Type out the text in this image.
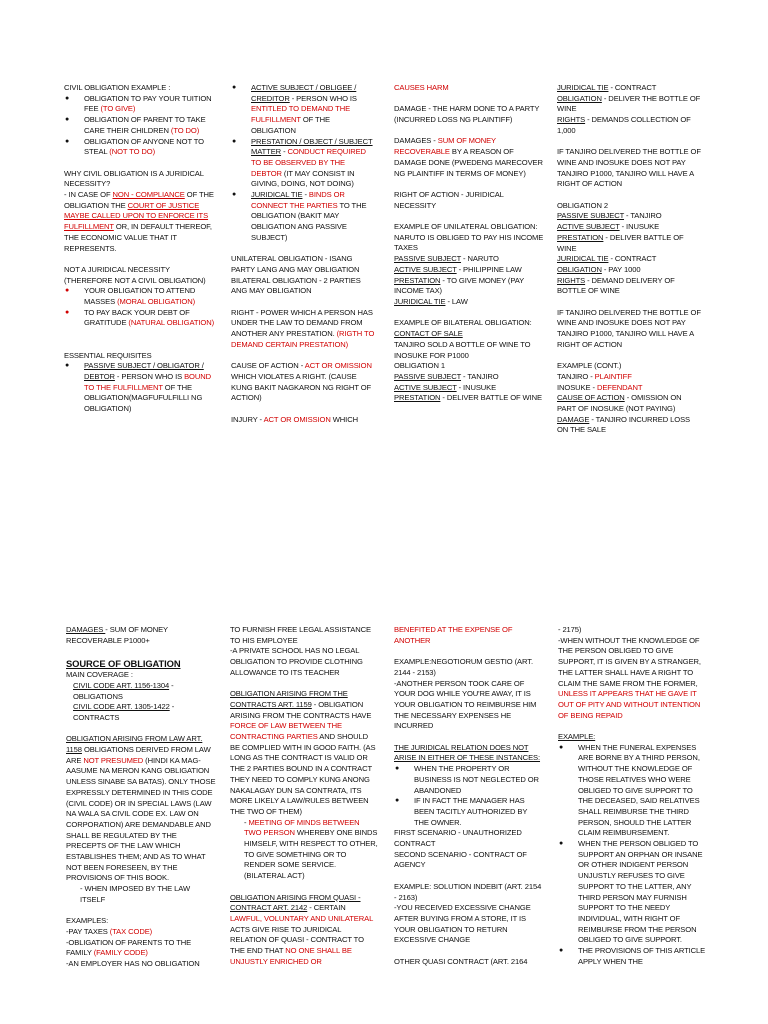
CIVIL OBLIGATION EXAMPLE :
● OBLIGATION TO PAY YOUR TUITION FEE (TO GIVE)
● OBLIGATION OF PARENT TO TAKE CARE THEIR CHILDREN (TO DO)
● OBLIGATION OF ANYONE NOT TO STEAL (NOT TO DO)
WHY CIVIL OBLIGATION IS A JURIDICAL NECESSITY?
- IN CASE OF NON - COMPLIANCE OF THE OBLIGATION THE COURT OF JUSTICE MAYBE CALLED UPON TO ENFORCE ITS FULFILLMENT OR, IN DEFAULT THEREOF, THE ECONOMIC VALUE THAT IT REPRESENTS.
NOT A JURIDICAL NECESSITY (THEREFORE NOT A CIVIL OBLIGATION)
● YOUR OBLIGATION TO ATTEND MASSES (MORAL OBLIGATION)
● TO PAY BACK YOUR DEBT OF GRATITUDE (NATURAL OBLIGATION)
ESSENTIAL REQUISITES
● PASSIVE SUBJECT / OBLIGATOR / DEBTOR - PERSON WHO IS BOUND TO THE FULFILLMENT OF THE OBLIGATION(MAGFUFULFILLI NG OBLIGATION)
● ACTIVE SUBJECT / OBLIGEE / CREDITOR - PERSON WHO IS ENTITLED TO DEMAND THE FULFILLMENT OF THE OBLIGATION
● PRESTATION / OBJECT / SUBJECT MATTER - CONDUCT REQUIRED TO BE OBSERVED BY THE DEBTOR (IT MAY CONSIST IN GIVING, DOING, NOT DOING)
● JURIDICAL TIE - BINDS OR CONNECT THE PARTIES TO THE OBLIGATION (BAKIT MAY OBLIGATION ANG PASSIVE SUBJECT)
UNILATERAL OBLIGATION - ISANG PARTY LANG ANG MAY OBLIGATION
BILATERAL OBLIGATION - 2 PARTIES ANG MAY OBLIGATION
RIGHT - POWER WHICH A PERSON HAS UNDER THE LAW TO DEMAND FROM ANOTHER ANY PRESTATION. (RIGTH TO DEMAND CERTAIN PRESTATION)
CAUSE OF ACTION - ACT OR OMISSION WHICH VIOLATES A RIGHT. (CAUSE KUNG BAKIT NAGKARON NG RIGHT OF ACTION)
INJURY - ACT OR OMISSION WHICH
CAUSES HARM
DAMAGE - THE HARM DONE TO A PARTY (INCURRED LOSS NG PLAINTIFF)
DAMAGES - SUM OF MONEY RECOVERABLE BY A REASON OF DAMAGE DONE (PWEDENG MARECOVER NG PLAINTIFF IN TERMS OF MONEY)
RIGHT OF ACTION - JURIDICAL NECESSITY
EXAMPLE OF UNILATERAL OBLIGATION:
NARUTO IS OBLIGED TO PAY HIS INCOME TAXES
PASSIVE SUBJECT - NARUTO
ACTIVE SUBJECT - PHILIPPINE LAW
PRESTATION - TO GIVE MONEY (PAY INCOME TAX)
JURIDICAL TIE - LAW
EXAMPLE OF BILATERAL OBLIGATION:
CONTACT OF SALE
TANJIRO SOLD A BOTTLE OF WINE TO INOSUKE FOR P1000
OBLIGATION 1
PASSIVE SUBJECT - TANJIRO
ACTIVE SUBJECT - INUSUKE
PRESTATION - DELIVER BATTLE OF WINE
JURIDICAL TIE - CONTRACT
OBLIGATION - DELIVER THE BOTTLE OF WINE
RIGHTS - DEMANDS COLLECTION OF 1,000
IF TANJIRO DELIVERED THE BOTTLE OF WINE AND INOSUKE DOES NOT PAY TANJIRO P1000, TANJIRO WILL HAVE A RIGHT OF ACTION
OBLIGATION 2
PASSIVE SUBJECT - TANJIRO
ACTIVE SUBJECT - INUSUKE
PRESTATION - DELIVER BATTLE OF WINE
JURIDICAL TIE - CONTRACT
OBLIGATION - PAY 1000
RIGHTS - DEMAND DELIVERY OF BOTTLE OF WINE
IF TANJIRO DELIVERED THE BOTTLE OF WINE AND INOSUKE DOES NOT PAY TANJIRO P1000, TANJIRO WILL HAVE A RIGHT OF ACTION
EXAMPLE (CONT.)
TANJIRO - PLAINTIFF
INOSUKE - DEFENDANT
CAUSE OF ACTION - OMISSION ON PART OF INOSUKE (NOT PAYING)
DAMAGE - TANJIRO INCURRED LOSS ON THE SALE
DAMAGES - SUM OF MONEY RECOVERABLE P1000+
SOURCE OF OBLIGATION
MAIN COVERAGE :
CIVIL CODE ART. 1156-1304 - OBLIGATIONS
CIVIL CODE ART. 1305-1422 - CONTRACTS
OBLIGATION ARISING FROM LAW ART. 1158 OBLIGATIONS DERIVED FROM LAW ARE NOT PRESUMED (HINDI KA MAG-AASUME NA MERON KANG OBLIGATION UNLESS SINABE SA BATAS). ONLY THOSE EXPRESSLY DETERMINED IN THIS CODE (CIVIL CODE) OR IN SPECIAL LAWS (LAW NA WALA SA CIVIL CODE EX. LAW ON CORPORATION) ARE DEMANDABLE AND SHALL BE REGULATED BY THE PRECEPTS OF THE LAW WHICH ESTABLISHES THEM; AND AS TO WHAT NOT BEEN FORESEEN, BY THE PROVISIONS OF THIS BOOK.
- WHEN IMPOSED BY THE LAW ITSELF
EXAMPLES:
-PAY TAXES (TAX CODE)
-OBLIGATION OF PARENTS TO THE FAMILY (FAMILY CODE)
-AN EMPLOYER HAS NO OBLIGATION
TO FURNISH FREE LEGAL ASSISTANCE TO HIS EMPLOYEE
-A PRIVATE SCHOOL HAS NO LEGAL OBLIGATION TO PROVIDE CLOTHING ALLOWANCE TO ITS TEACHER
OBLIGATION ARISING FROM THE CONTRACTS ART. 1159 - OBLIGATION ARISING FROM THE CONTRACTS HAVE FORCE OF LAW BETWEEN THE CONTRACTING PARTIES AND SHOULD BE COMPLIED WITH IN GOOD FAITH. (AS LONG AS THE CONTRACT IS VALID OR THE 2 PARTIES BOUND IN A CONTRACT THEY NEED TO COMPLY KUNG ANONG NAKALAGAY DUN SA CONTRATA, ITS MORE LIKELY A LAW/RULES BETWEEN THE TWO OF THEM)
- MEETING OF MINDS BETWEEN TWO PERSON WHEREBY ONE BINDS HIMSELF, WITH RESPECT TO OTHER, TO GIVE SOMETHING OR TO RENDER SOME SERVICE. (BILATERAL ACT)
OBLIGATION ARISING FROM QUASI - CONTRACT ART. 2142 - CERTAIN LAWFUL, VOLUNTARY AND UNILATERAL ACTS GIVE RISE TO JURIDICAL RELATION OF QUASI - CONTRACT TO THE END THAT NO ONE SHALL BE UNJUSTLY ENRICHED OR
BENEFITED AT THE EXPENSE OF ANOTHER
EXAMPLE:NEGOTIORUM GESTIO (ART. 2144 - 2153)
-ANOTHER PERSON TOOK CARE OF YOUR DOG WHILE YOU'RE AWAY, IT IS YOUR OBLIGATION TO REIMBURSE HIM THE NECESSARY EXPENSES HE INCURRED
THE JURIDICAL RELATION DOES NOT ARISE IN EITHER OF THESE INSTANCES:
● WHEN THE PROPERTY OR BUSINESS IS NOT NEGLECTED OR ABANDONED
● IF IN FACT THE MANAGER HAS BEEN TACITLY AUTHORIZED BY THE OWNER.
FIRST SCENARIO - UNAUTHORIZED CONTRACT
SECOND SCENARIO - CONTRACT OF AGENCY
EXAMPLE: SOLUTION INDEBIT (ART. 2154 - 2163)
-YOU RECEIVED EXCESSIVE CHANGE AFTER BUYING FROM A STORE, IT IS YOUR OBLIGATION TO RETURN EXCESSIVE CHANGE
OTHER QUASI CONTRACT (ART. 2164
- 2175)
-WHEN WITHOUT THE KNOWLEDGE OF THE PERSON OBLIGED TO GIVE SUPPORT, IT IS GIVEN BY A STRANGER, THE LATTER SHALL HAVE A RIGHT TO CLAIM THE SAME FROM THE FORMER, UNLESS IT APPEARS THAT HE GAVE IT OUT OF PITY AND WITHOUT INTENTION OF BEING REPAID
EXAMPLE:
● WHEN THE FUNERAL EXPENSES ARE BORNE BY A THIRD PERSON, WITHOUT THE KNOWLEDGE OF THOSE RELATIVES WHO WERE OBLIGED TO GIVE SUPPORT TO THE DECEASED, SAID RELATIVES SHALL REIMBURSE THE THIRD PERSON, SHOULD THE LATTER CLAIM REIMBURSEMENT.
● WHEN THE PERSON OBLIGED TO SUPPORT AN ORPHAN OR INSANE OR OTHER INDIGENT PERSON UNJUSTLY REFUSES TO GIVE SUPPORT TO THE LATTER, ANY THIRD PERSON MAY FURNISH SUPPORT TO THE NEEDY INDIVIDUAL, WITH RIGHT OF REIMBURSE FROM THE PERSON OBLIGED TO GIVE SUPPORT.
● THE PROVISIONS OF THIS ARTICLE APPLY WHEN THE
